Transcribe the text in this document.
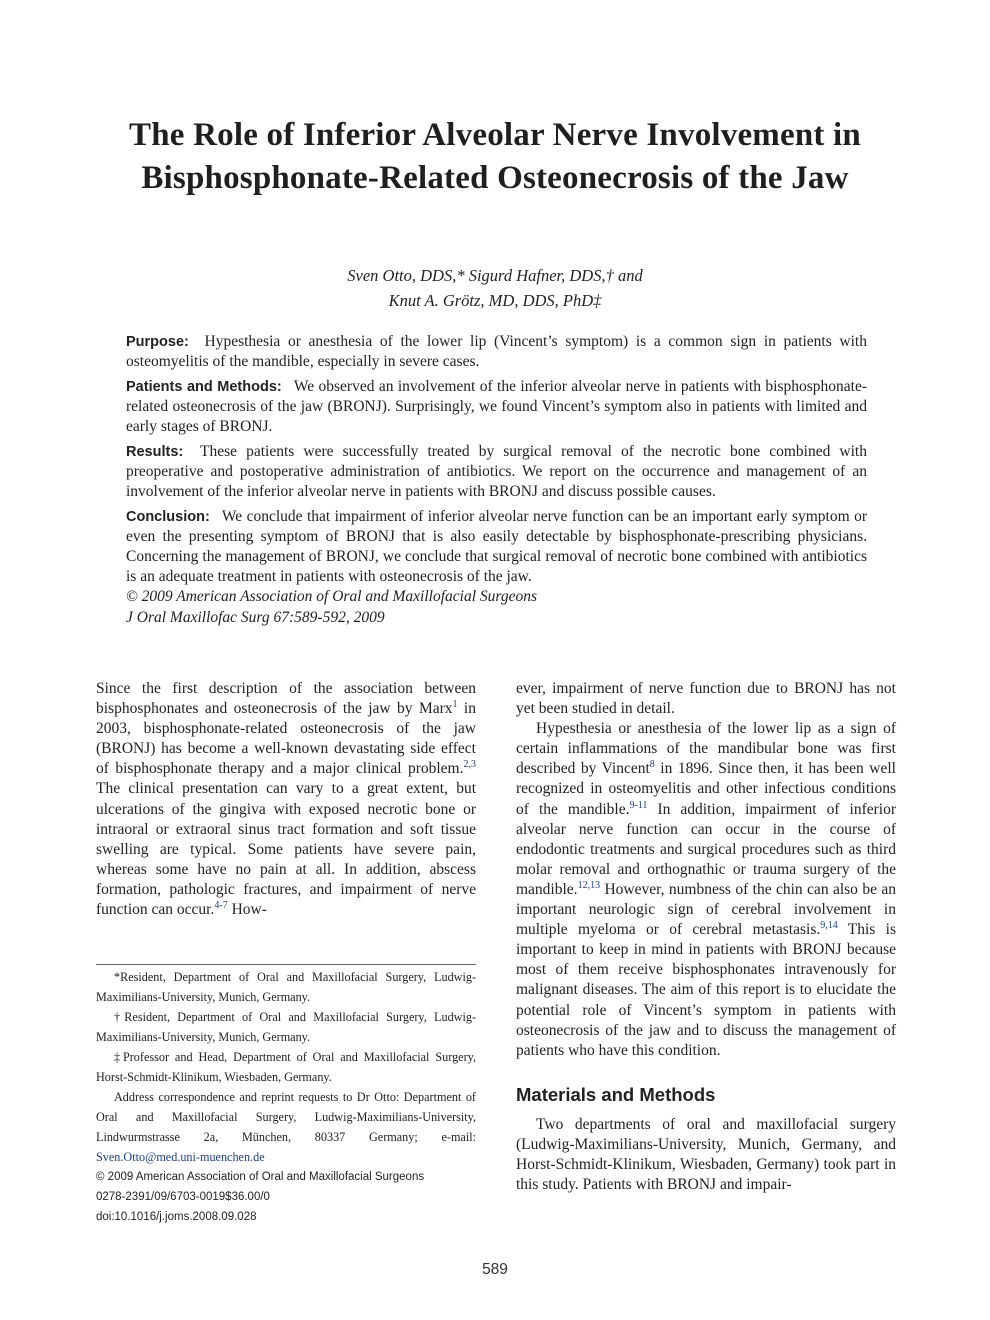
The Role of Inferior Alveolar Nerve Involvement in Bisphosphonate-Related Osteonecrosis of the Jaw
Sven Otto, DDS,* Sigurd Hafner, DDS,† and
Knut A. Grötz, MD, DDS, PhD‡

Purpose: Hypesthesia or anesthesia of the lower lip (Vincent’s symptom) is a common sign in patients with osteomyelitis of the mandible, especially in severe cases.

Patients and Methods: We observed an involvement of the inferior alveolar nerve in patients with bisphosphonate-related osteonecrosis of the jaw (BRONJ). Surprisingly, we found Vincent’s symptom also in patients with limited and early stages of BRONJ.

Results: These patients were successfully treated by surgical removal of the necrotic bone combined with preoperative and postoperative administration of antibiotics. We report on the occurrence and management of an involvement of the inferior alveolar nerve in patients with BRONJ and discuss possible causes.

Conclusion: We conclude that impairment of inferior alveolar nerve function can be an important early symptom or even the presenting symptom of BRONJ that is also easily detectable by bisphosphonate-prescribing physicians. Concerning the management of BRONJ, we conclude that surgical removal of necrotic bone combined with antibiotics is an adequate treatment in patients with osteonecrosis of the jaw.
© 2009 American Association of Oral and Maxillofacial Surgeons

J Oral Maxillofac Surg 67:589-592, 2009

Since the first description of the association between bisphosphonates and osteonecrosis of the jaw by Marx$^1$ in 2003, bisphosphonate-related osteonecrosis of the jaw (BRONJ) has become a well-known devastating side effect of bisphosphonate therapy and a major clinical problem.$^{2,3}$ The clinical presentation can vary to a great extent, but ulcerations of the gingiva with exposed necrotic bone or intraoral or extraoral sinus tract formation and soft tissue swelling are typical. Some patients have severe pain, whereas some have no pain at all. In addition, abscess formation, pathologic fractures, and impairment of nerve function can occur.$^{4-7}$ How-

*Resident, Department of Oral and Maxillofacial Surgery, Ludwig-Maximilians-University, Munich, Germany.

†Resident, Department of Oral and Maxillofacial Surgery, Ludwig-Maximilians-University, Munich, Germany.

‡Professor and Head, Department of Oral and Maxillofacial Surgery, Horst-Schmidt-Klinikum, Wiesbaden, Germany.

Address correspondence and reprint requests to Dr Otto: Department of Oral and Maxillofacial Surgery, Ludwig-Maximilians-University, Lindwurmstrasse 2a, München, 80337 Germany; e-mail: Sven.Otto@med.uni-muenchen.de

© 2009 American Association of Oral and Maxillofacial Surgeons

0278-2391/09/6703-0019$36.00/0

doi:10.1016/j.joms.2008.09.028

ever, impairment of nerve function due to BRONJ has not yet been studied in detail.

Hypesthesia or anesthesia of the lower lip as a sign of certain inflammations of the mandibular bone was first described by Vincent$^8$ in 1896. Since then, it has been well recognized in osteomyelitis and other infectious conditions of the mandible.$^{9-11}$ In addition, impairment of inferior alveolar nerve function can occur in the course of endodontic treatments and surgical procedures such as third molar removal and orthognathic or trauma surgery of the mandible.$^{12,13}$ However, numbness of the chin can also be an important neurologic sign of cerebral involvement in multiple myeloma or of cerebral metastasis.$^{9,14}$ This is important to keep in mind in patients with BRONJ because most of them receive bisphosphonates intravenously for malignant diseases. The aim of this report is to elucidate the potential role of Vincent’s symptom in patients with osteonecrosis of the jaw and to discuss the management of patients who have this condition.

Materials and Methods

Two departments of oral and maxillofacial surgery (Ludwig-Maximilians-University, Munich, Germany, and Horst-Schmidt-Klinikum, Wiesbaden, Germany) took part in this study. Patients with BRONJ and impair-

589
